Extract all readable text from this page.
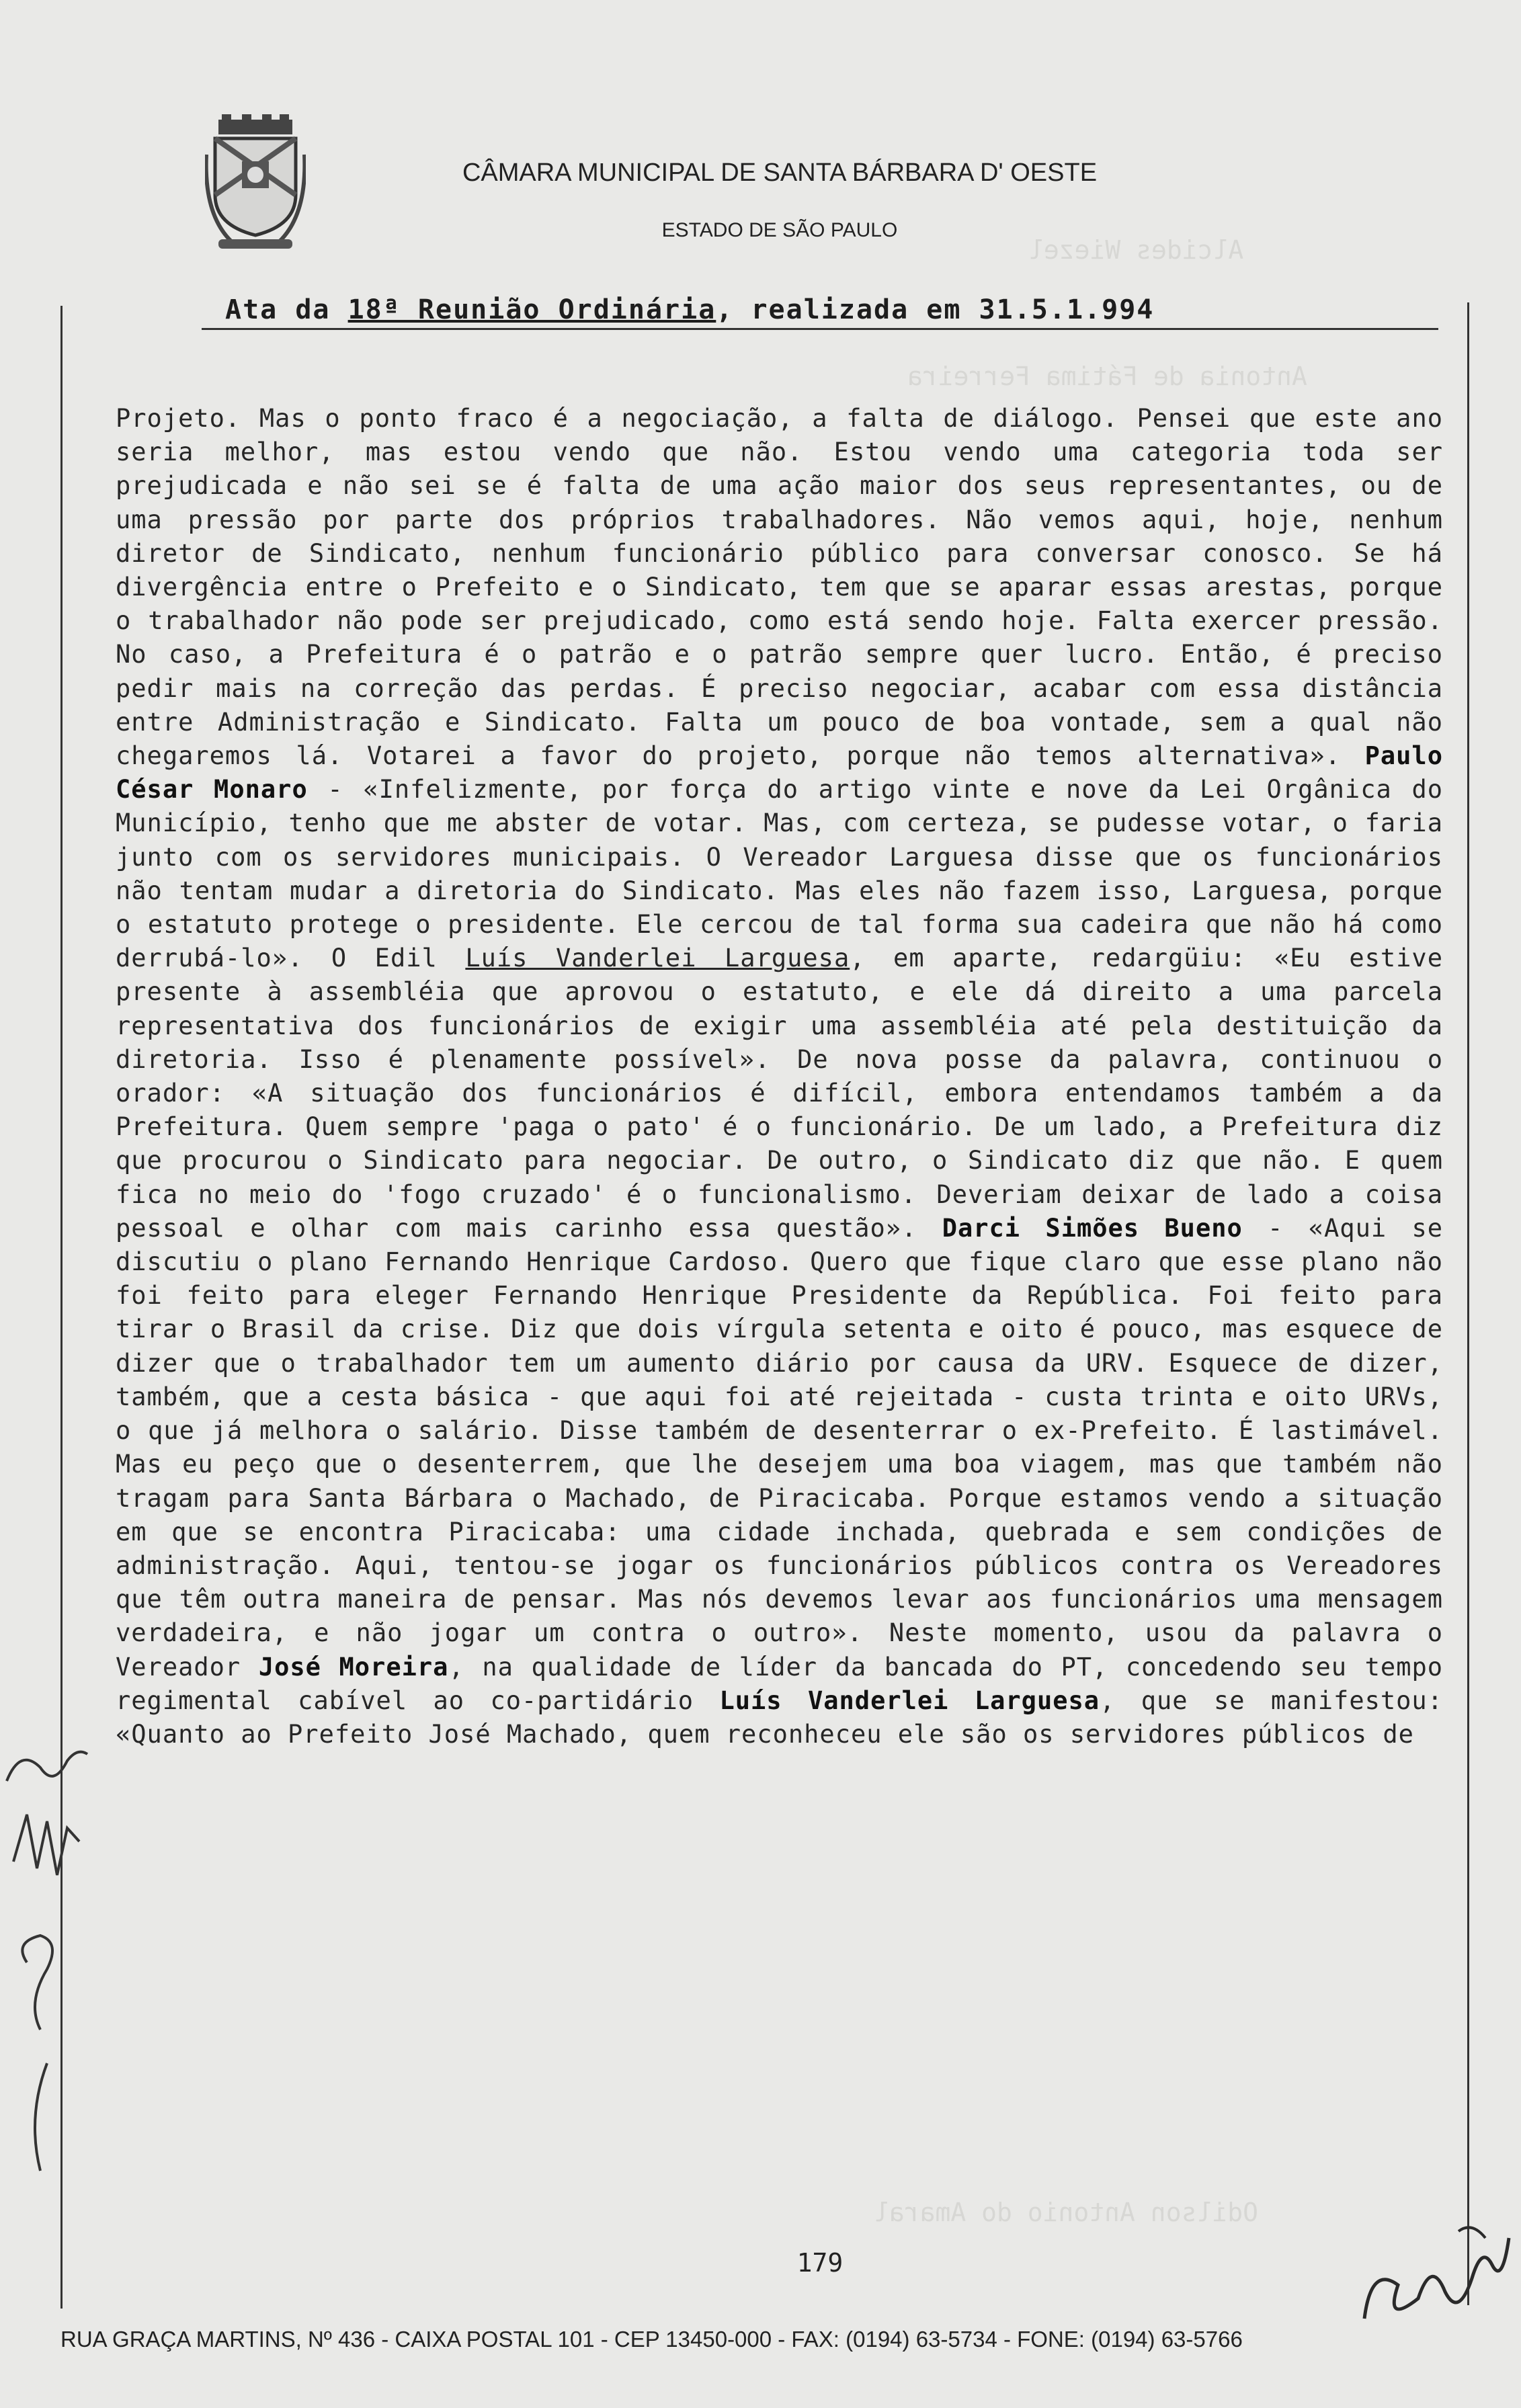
CÂMARA MUNICIPAL DE SANTA BÁRBARA D' OESTE
ESTADO DE SÃO PAULO
Ata da 18ª Reunião Ordinária, realizada em 31.5.1.994
Alcides Wiezel
Antonia de Fátima Ferreira
Odilson Antonio do Amaral

Projeto. Mas o ponto fraco é a negociação, a falta de diálogo. Pensei que este ano seria melhor, mas estou vendo que não. Estou vendo uma categoria toda ser prejudicada e não sei se é falta de uma ação maior dos seus representantes, ou de uma pressão por parte dos próprios trabalhadores. Não vemos aqui, hoje, nenhum diretor de Sindicato, nenhum funcionário público para conversar conosco. Se há divergência entre o Prefeito e o Sindicato, tem que se aparar essas arestas, porque o trabalhador não pode ser prejudicado, como está sendo hoje. Falta exercer pressão. No caso, a Prefeitura é o patrão e o patrão sempre quer lucro. Então, é preciso pedir mais na correção das perdas. É preciso negociar, acabar com essa distância entre Administração e Sindicato. Falta um pouco de boa vontade, sem a qual não chegaremos lá. Votarei a favor do projeto, porque não temos alternativa». Paulo César Monaro - «Infelizmente, por força do artigo vinte e nove da Lei Orgânica do Município, tenho que me abster de votar. Mas, com certeza, se pudesse votar, o faria junto com os servidores municipais. O Vereador Larguesa disse que os funcionários não tentam mudar a diretoria do Sindicato. Mas eles não fazem isso, Larguesa, porque o estatuto protege o presidente. Ele cercou de tal forma sua cadeira que não há como derrubá-lo». O Edil Luís Vanderlei Larguesa, em aparte, redargüiu: «Eu estive presente à assembléia que aprovou o estatuto, e ele dá direito a uma parcela representativa dos funcionários de exigir uma assembléia até pela destituição da diretoria. Isso é plenamente possível». De nova posse da palavra, continuou o orador: «A situação dos funcionários é difícil, embora entendamos também a da Prefeitura. Quem sempre 'paga o pato' é o funcionário. De um lado, a Prefeitura diz que procurou o Sindicato para negociar. De outro, o Sindicato diz que não. E quem fica no meio do 'fogo cruzado' é o funcionalismo. Deveriam deixar de lado a coisa pessoal e olhar com mais carinho essa questão». Darci Simões Bueno - «Aqui se discutiu o plano Fernando Henrique Cardoso. Quero que fique claro que esse plano não foi feito para eleger Fernando Henrique Presidente da República. Foi feito para tirar o Brasil da crise. Diz que dois vírgula setenta e oito é pouco, mas esquece de dizer que o trabalhador tem um aumento diário por causa da URV. Esquece de dizer, também, que a cesta básica - que aqui foi até rejeitada - custa trinta e oito URVs, o que já melhora o salário. Disse também de desenterrar o ex-Prefeito. É lastimável. Mas eu peço que o desenterrem, que lhe desejem uma boa viagem, mas que também não tragam para Santa Bárbara o Machado, de Piracicaba. Porque estamos vendo a situação em que se encontra Piracicaba: uma cidade inchada, quebrada e sem condições de administração. Aqui, tentou-se jogar os funcionários públicos contra os Vereadores que têm outra maneira de pensar. Mas nós devemos levar aos funcionários uma mensagem verdadeira, e não jogar um contra o outro». Neste momento, usou da palavra o Vereador José Moreira, na qualidade de líder da bancada do PT, concedendo seu tempo regimental cabível ao co-partidário Luís Vanderlei Larguesa, que se manifestou: «Quanto ao Prefeito José Machado, quem reconheceu ele são os servidores públicos de

179
RUA GRAÇA MARTINS, Nº 436 - CAIXA POSTAL 101 - CEP 13450-000 - FAX: (0194) 63-5734 - FONE: (0194) 63-5766
